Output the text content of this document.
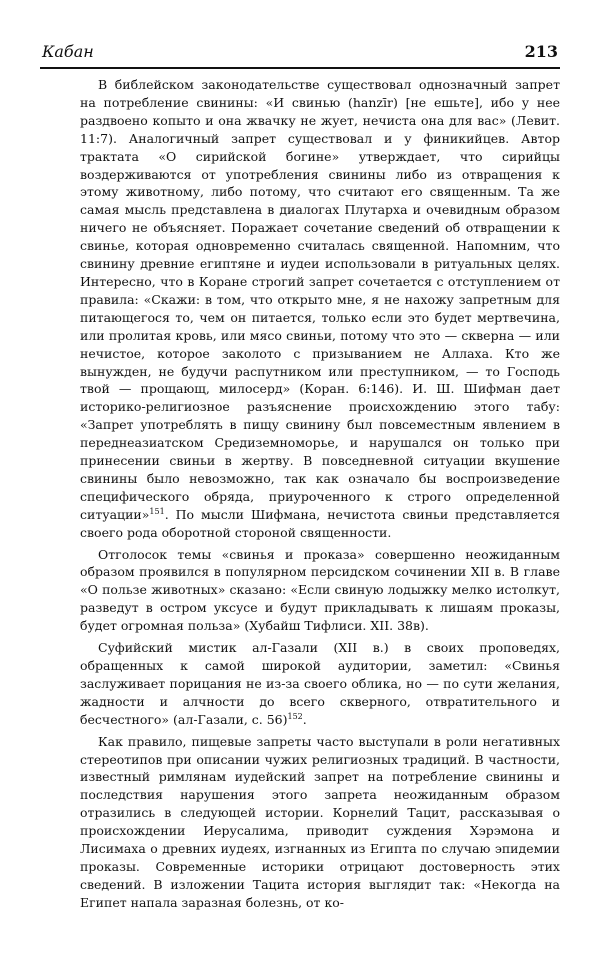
Кабан	213

В библейском законодательстве существовал однозначный запрет на потребление свинины: «И свинью (hanzīr) [не ешьте], ибо у нее раздвоено копыто и она жвачку не жует, нечиста она для вас» (Левит. 11:7). Аналогичный запрет существовал и у финикийцев. Автор трактата «О сирийской богине» утверждает, что сирийцы воздерживаются от употребления свинины либо из отвращения к этому животному, либо потому, что считают его священным. Та же самая мысль представлена в диалогах Плутарха и очевидным образом ничего не объясняет. Поражает сочетание сведений об отвращении к свинье, которая одновременно считалась священной. Напомним, что свинину древние египтяне и иудеи использовали в ритуальных целях. Интересно, что в Коране строгий запрет сочетается с отступлением от правила: «Скажи: в том, что открыто мне, я не нахожу запретным для питающегося то, чем он питается, только если это будет мертвечина, или пролитая кровь, или мясо свиньи, потому что это — скверна — или нечистое, которое заколото с призыванием не Аллаха. Кто же вынужден, не будучи распутником или преступником, — то Господь твой — прощающ, милосерд» (Коран. 6:146). И. Ш. Шифман дает историко-религиозное разъяснение происхождению этого табу: «Запрет употреблять в пищу свинину был повсеместным явлением в переднеазиатском Средиземноморье, и нарушался он только при принесении свиньи в жертву. В повседневной ситуации вкушение свинины было невозможно, так как означало бы воспроизведение специфического обряда, приуроченного к строго определенной ситуации»$^{151}$. По мысли Шифмана, нечистота свиньи представляется своего рода оборотной стороной священности.

Отголосок темы «свинья и проказа» совершенно неожиданным образом проявился в популярном персидском сочинении XII в. В главе «О пользе животных» сказано: «Если свиную лодыжку мелко истолкут, разведут в остром уксусе и будут прикладывать к лишаям проказы, будет огромная польза» (Хубайш Тифлиси. XII. 38в).

Суфийский мистик ал-Газали (XII в.) в своих проповедях, обращенных к самой широкой аудитории, заметил: «Свинья заслуживает порицания не из-за своего облика, но — по сути желания, жадности и алчности до всего скверного, отвратительного и бесчестного» (ал-Газали, с. 56)$^{152}$.

Как правило, пищевые запреты часто выступали в роли негативных стереотипов при описании чужих религиозных традиций. В частности, известный римлянам иудейский запрет на потребление свинины и последствия нарушения этого запрета неожиданным образом отразились в следующей истории. Корнелий Тацит, рассказывая о происхождении Иерусалима, приводит суждения Хэрэмона и Лисимаха о древних иудеях, изгнанных из Египта по случаю эпидемии проказы. Современные историки отрицают достоверность этих сведений. В изложении Тацита история выглядит так: «Некогда на Египет напала заразная болезнь, от ко-
